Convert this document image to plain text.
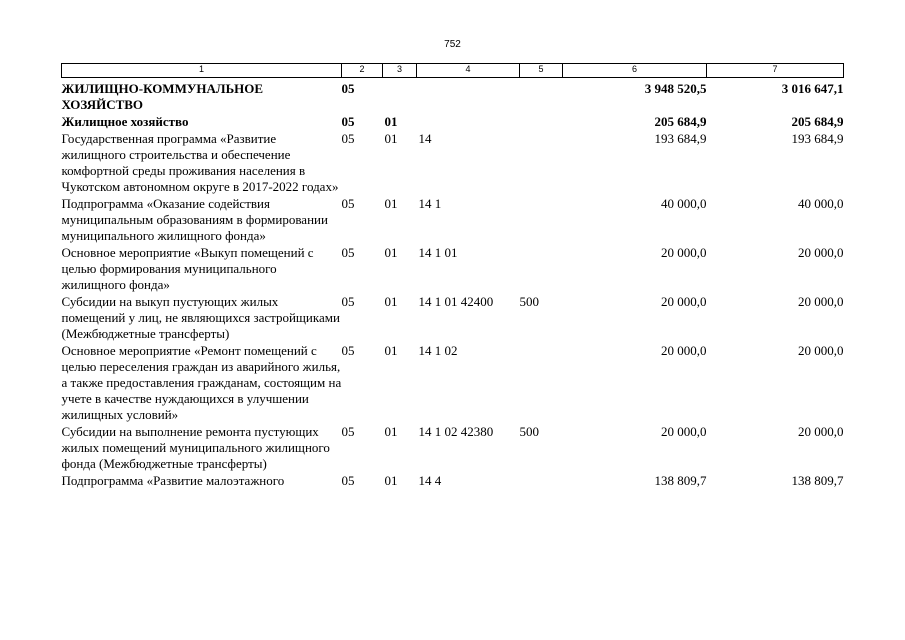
752
1	2	3	4	5	6	7
ЖИЛИЩНО-КОММУНАЛЬНОЕ ХОЗЯЙСТВО	05				3 948 520,5	3 016 647,1
Жилищное хозяйство	05	01			205 684,9	205 684,9
Государственная программа «Развитие жилищного строительства и обеспечение комфортной среды проживания населения в Чукотском автономном округе в 2017-2022 годах»	05	01	14		193 684,9	193 684,9
Подпрограмма «Оказание содействия муниципальным образованиям в формировании муниципального жилищного фонда»	05	01	14 1		40 000,0	40 000,0
Основное мероприятие «Выкуп помещений с целью формирования муниципального жилищного фонда»	05	01	14 1 01		20 000,0	20 000,0
Субсидии на выкуп пустующих жилых помещений у лиц, не являющихся застройщиками (Межбюджетные трансферты)	05	01	14 1 01 42400	500	20 000,0	20 000,0
Основное мероприятие «Ремонт помещений с целью переселения граждан из аварийного жилья, а также предоставления гражданам, состоящим на учете в качестве нуждающихся в улучшении жилищных условий»	05	01	14 1 02		20 000,0	20 000,0
Субсидии на выполнение ремонта пустующих жилых помещений муниципального жилищного фонда (Межбюджетные трансферты)	05	01	14 1 02 42380	500	20 000,0	20 000,0
Подпрограмма «Развитие малоэтажного	05	01	14 4		138 809,7	138 809,7
